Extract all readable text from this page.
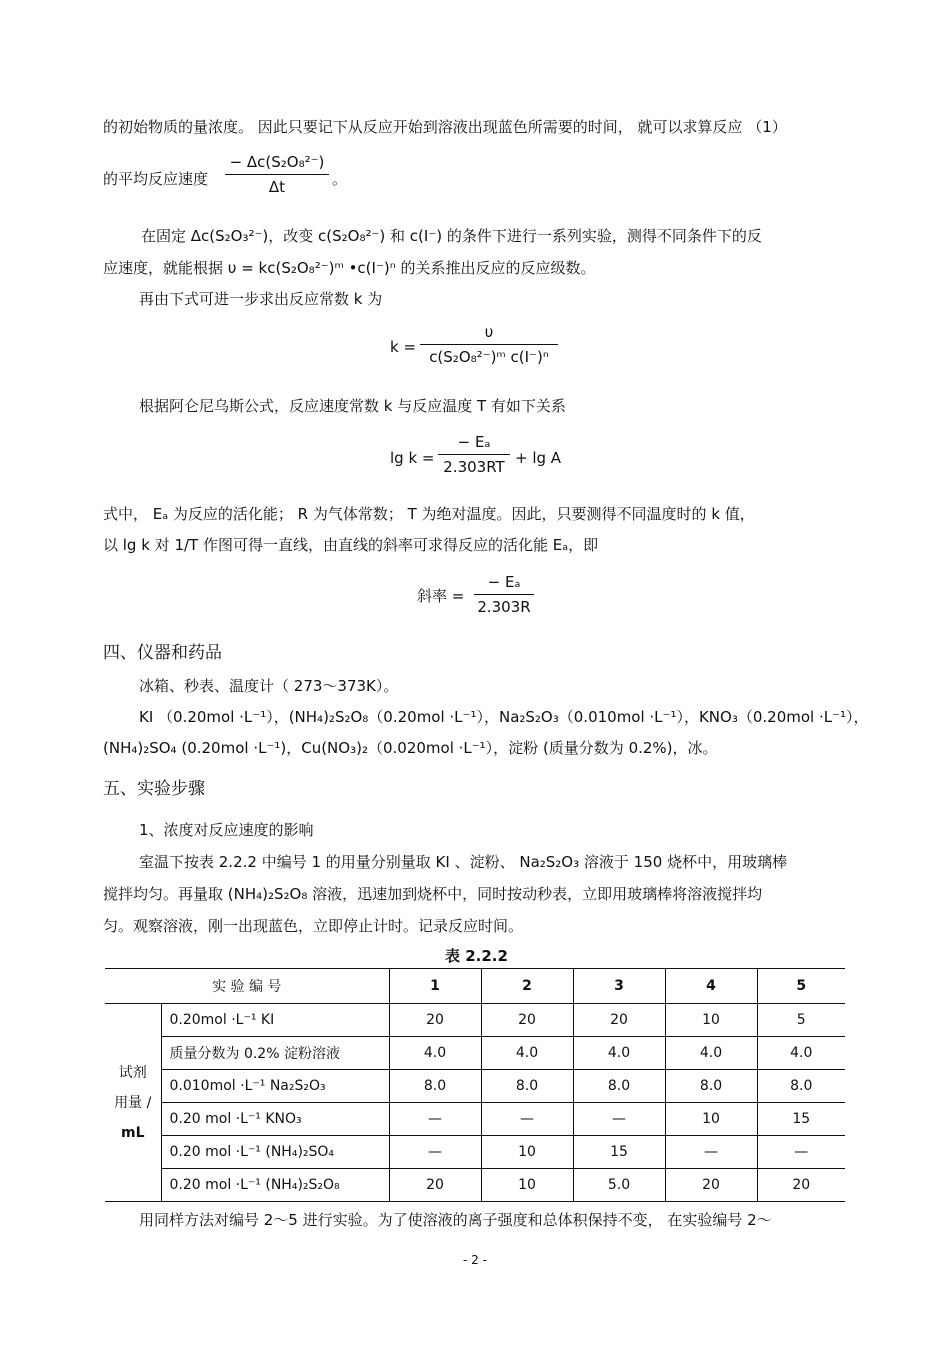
的初始物质的量浓度。 因此只要记下从反应开始到溶液出现蓝色所需要的时间， 就可以求算反应 （1）
的平均反应速度
− Δc(S₂O₈²⁻)
Δt	。
在固定 Δc(S₂O₃²⁻)，改变 c(S₂O₈²⁻) 和 c(I⁻) 的条件下进行一系列实验，测得不同条件下的反
应速度，就能根据 υ = kc(S₂O₈²⁻)ᵐ •c(I⁻)ⁿ 的关系推出反应的反应级数。
再由下式可进一步求出反应常数 k 为
k =
υ
c(S₂O₈²⁻)ᵐ c(I⁻)ⁿ
根据阿仑尼乌斯公式，反应速度常数 k 与反应温度 T 有如下关系
lg k =
− Eₐ
2.303RT + lg A
式中， Eₐ 为反应的活化能； R 为气体常数； T 为绝对温度。因此，只要测得不同温度时的 k 值，
以 lg k 对 1/T 作图可得一直线，由直线的斜率可求得反应的活化能 Eₐ，即
斜率 =
− Eₐ
2.303R
四、仪器和药品
冰箱、秒表、温度计（ 273～373K）。
KI （0.20mol ·L⁻¹），(NH₄)₂S₂O₈（0.20mol ·L⁻¹），Na₂S₂O₃（0.010mol ·L⁻¹），KNO₃（0.20mol ·L⁻¹），
(NH₄)₂SO₄ (0.20mol ·L⁻¹)，Cu(NO₃)₂（0.020mol ·L⁻¹），淀粉 (质量分数为 0.2%)，冰。
五、实验步骤
1、浓度对反应速度的影响
室温下按表 2.2.2 中编号 1 的用量分别量取 KI 、淀粉、 Na₂S₂O₃ 溶液于 150 烧杯中，用玻璃棒
搅拌均匀。再量取 (NH₄)₂S₂O₈ 溶液，迅速加到烧杯中，同时按动秒表，立即用玻璃棒将溶液搅拌均
匀。观察溶液，刚一出现蓝色，立即停止计时。记录反应时间。
表 2.2.2
实 验 编 号		1	2	3	4	5

试剂
用量 /
mL	0.20mol ·L⁻¹ KI	20	20	20	10	5
	质量分数为 0.2% 淀粉溶液	4.0	4.0	4.0	4.0	4.0
	0.010mol ·L⁻¹ Na₂S₂O₃	8.0	8.0	8.0	8.0	8.0
	0.20 mol ·L⁻¹ KNO₃	—	—	—	10	15
	0.20 mol ·L⁻¹ (NH₄)₂SO₄	—	10	15	—	—
	0.20 mol ·L⁻¹ (NH₄)₂S₂O₈	20	10	5.0	20	20
用同样方法对编号 2～5 进行实验。为了使溶液的离子强度和总体积保持不变， 在实验编号 2～
- 2 -
